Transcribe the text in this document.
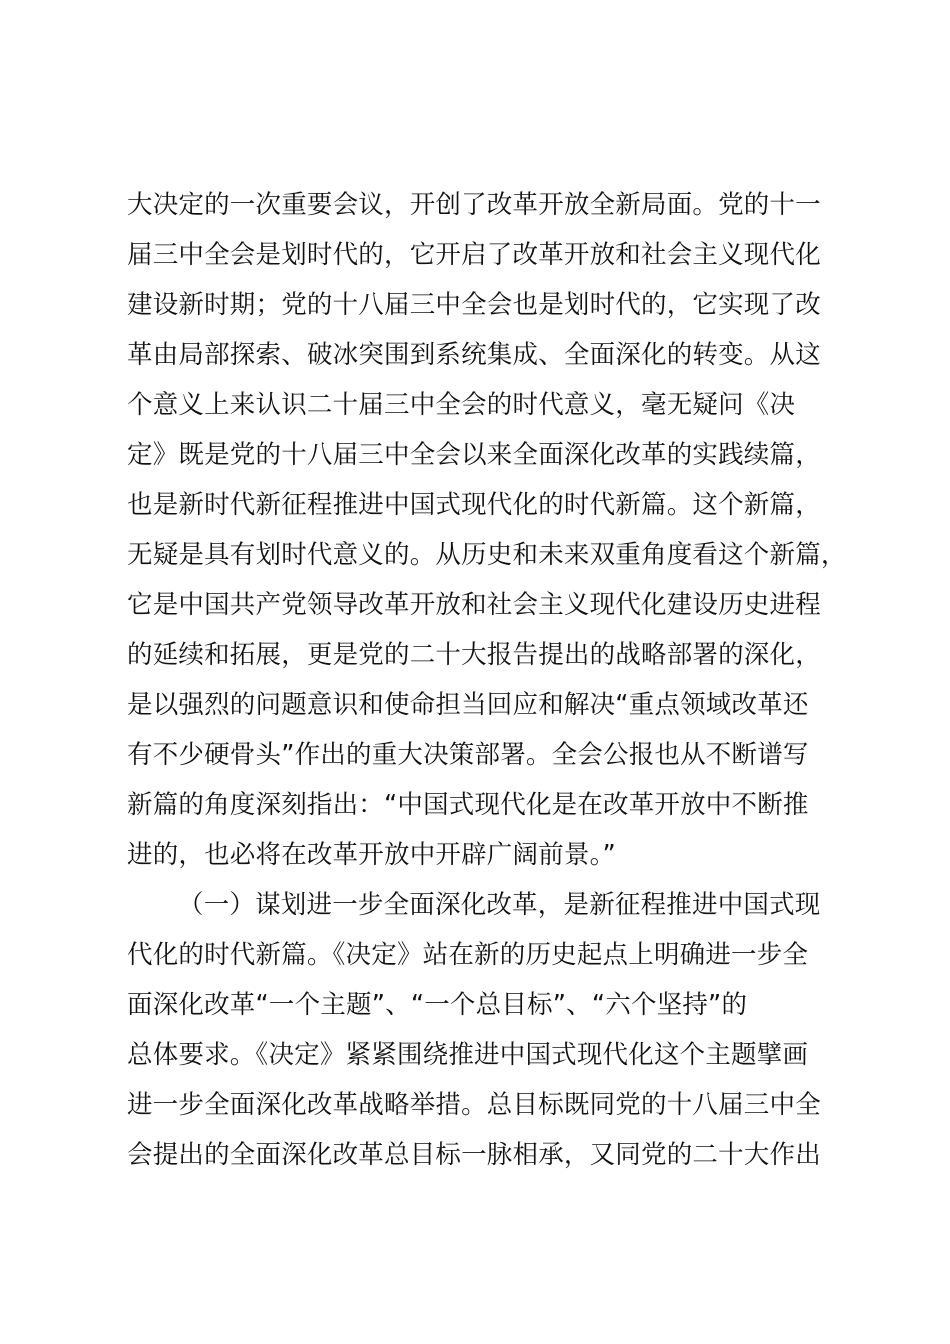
大决定的一次重要会议，开创了改革开放全新局面。党的十一
届三中全会是划时代的，它开启了改革开放和社会主义现代化
建设新时期；党的十八届三中全会也是划时代的，它实现了改
革由局部探索、破冰突围到系统集成、全面深化的转变。从这
个意义上来认识二十届三中全会的时代意义，毫无疑问《决
定》既是党的十八届三中全会以来全面深化改革的实践续篇，
也是新时代新征程推进中国式现代化的时代新篇。这个新篇，
无疑是具有划时代意义的。从历史和未来双重角度看这个新篇，
它是中国共产党领导改革开放和社会主义现代化建设历史进程
的延续和拓展，更是党的二十大报告提出的战略部署的深化，
是以强烈的问题意识和使命担当回应和解决“重点领域改革还
有不少硬骨头”作出的重大决策部署。全会公报也从不断谱写
新篇的角度深刻指出：“中国式现代化是在改革开放中不断推
进的，也必将在改革开放中开辟广阔前景。”
（一）谋划进一步全面深化改革，是新征程推进中国式现
代化的时代新篇。《决定》站在新的历史起点上明确进一步全
面深化改革“一个主题”、“一个总目标”、“六个坚持”的
总体要求。《决定》紧紧围绕推进中国式现代化这个主题擘画
进一步全面深化改革战略举措。总目标既同党的十八届三中全
会提出的全面深化改革总目标一脉相承，又同党的二十大作出
